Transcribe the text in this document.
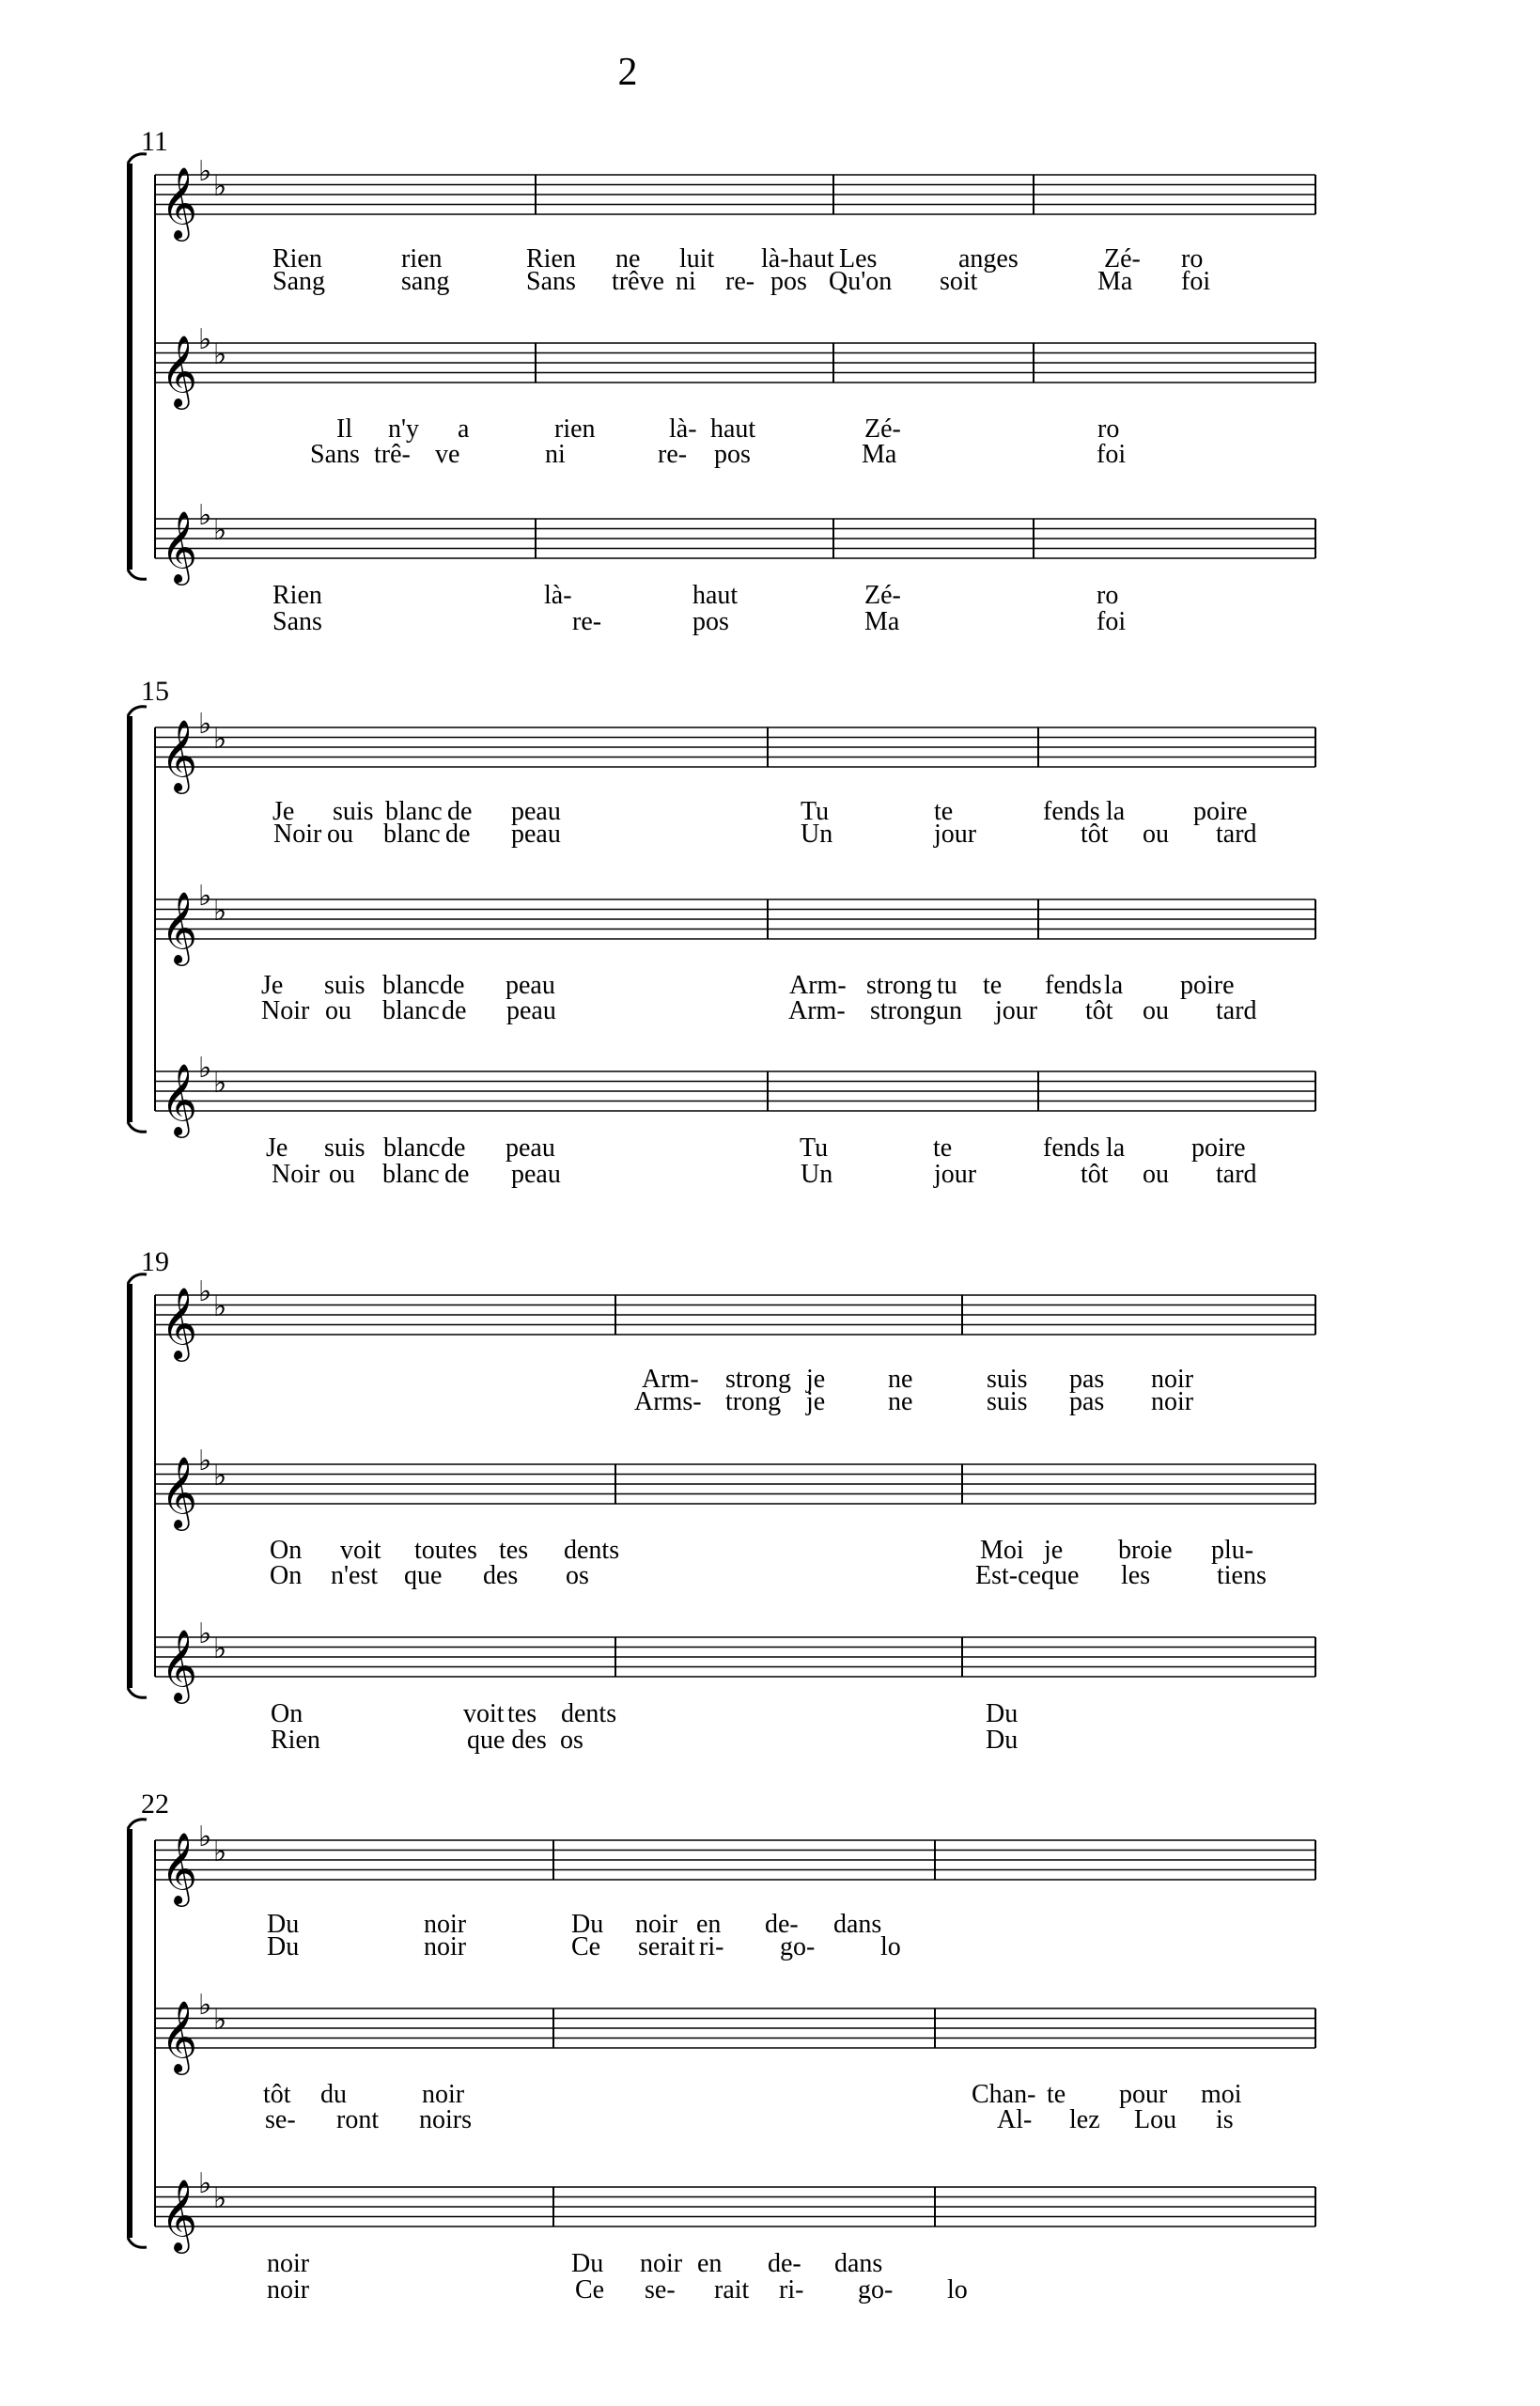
2
11
𝄞 ♭ ♭
Rien	rien	Rien ne luit là-haut Les	anges	Zé- ro
Sang	sang	Sans trêve ni re- pos Qu'on soit	Ma foi
𝄞 ♭ ♭
Il n'y a	rien	là- haut	Zé-	ro
Sans trê- ve	ni	re- pos	Ma	foi
𝄞 ♭ ♭
Rien	là-	haut	Zé-	ro
Sans	re-	pos	Ma	foi
15
𝄞 ♭ ♭
Je suis blanc de peau	Tu	te	fends la	poire
Noir ou blanc de peau	Un	jour	tôt ou tard
𝄞 ♭ ♭
Je suis blanc de peau	Arm- strong tu te fends la poire
Noir ou blanc de peau	Arm- strong un jour tôt ou tard
𝄞 ♭ ♭
Je suis blanc de peau	Tu	te	fends la	poire
Noir ou blanc de peau	Un	jour	tôt ou tard
19
𝄞 ♭ ♭
Arm- strong je ne	suis pas noir
Arms- trong je ne	suis pas noir
𝄞 ♭ ♭
On voit toutes tes dents	Moi je broie plu-
On n'est que des os	Est-ce que les	tiens
𝄞 ♭ ♭
On	voit tes dents	Du
Rien	que des os	Du
22
𝄞 ♭ ♭
Du	noir	Du noir en de- dans
Du	noir	Ce serait ri- go- lo
𝄞 ♭ ♭
tôt du	noir	Chan- te pour moi
se- ront noirs	Al- lez Lou is
𝄞 ♭ ♭
noir	Du noir en de- dans
noir	Ce se- rait ri- go- lo
